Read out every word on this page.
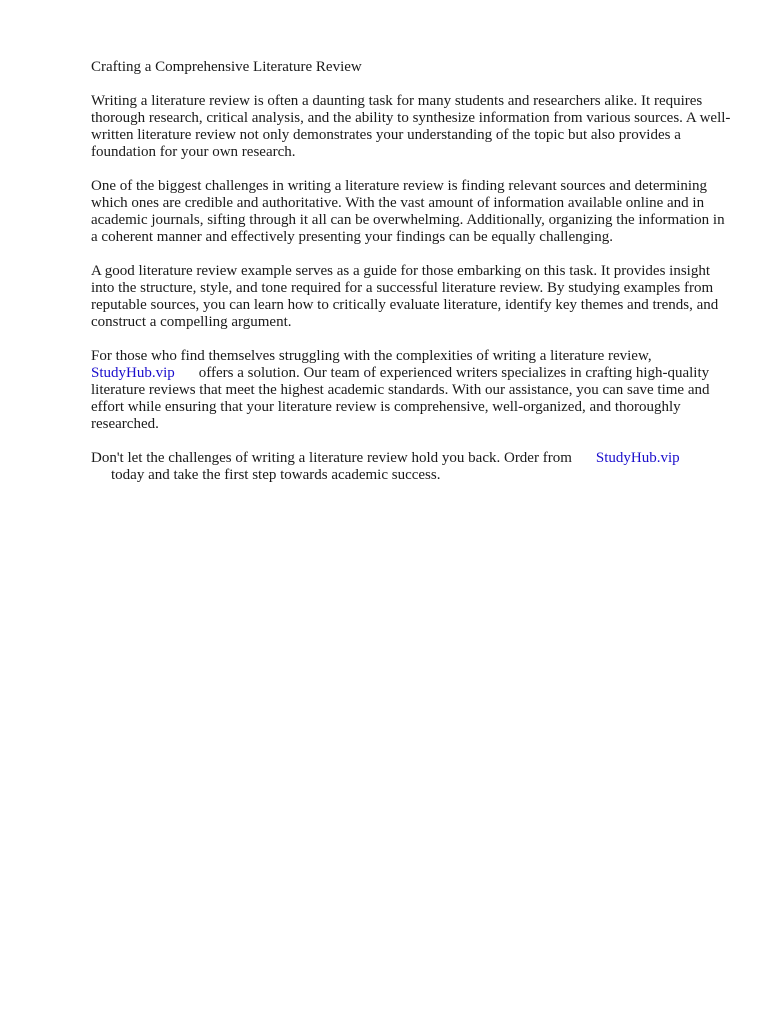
Crafting a Comprehensive Literature Review

Writing a literature review is often a daunting task for many students and researchers alike. It requires thorough research, critical analysis, and the ability to synthesize information from various sources. A well-written literature review not only demonstrates your understanding of the topic but also provides a foundation for your own research.

One of the biggest challenges in writing a literature review is finding relevant sources and determining which ones are credible and authoritative. With the vast amount of information available online and in academic journals, sifting through it all can be overwhelming. Additionally, organizing the information in a coherent manner and effectively presenting your findings can be equally challenging.

A good literature review example serves as a guide for those embarking on this task. It provides insight into the structure, style, and tone required for a successful literature review. By studying examples from reputable sources, you can learn how to critically evaluate literature, identify key themes and trends, and construct a compelling argument.

For those who find themselves struggling with the complexities of writing a literature review, StudyHub.vip offers a solution. Our team of experienced writers specializes in crafting high-quality literature reviews that meet the highest academic standards. With our assistance, you can save time and effort while ensuring that your literature review is comprehensive, well-organized, and thoroughly researched.

Don't let the challenges of writing a literature review hold you back. Order from StudyHub.vip
today and take the first step towards academic success.
